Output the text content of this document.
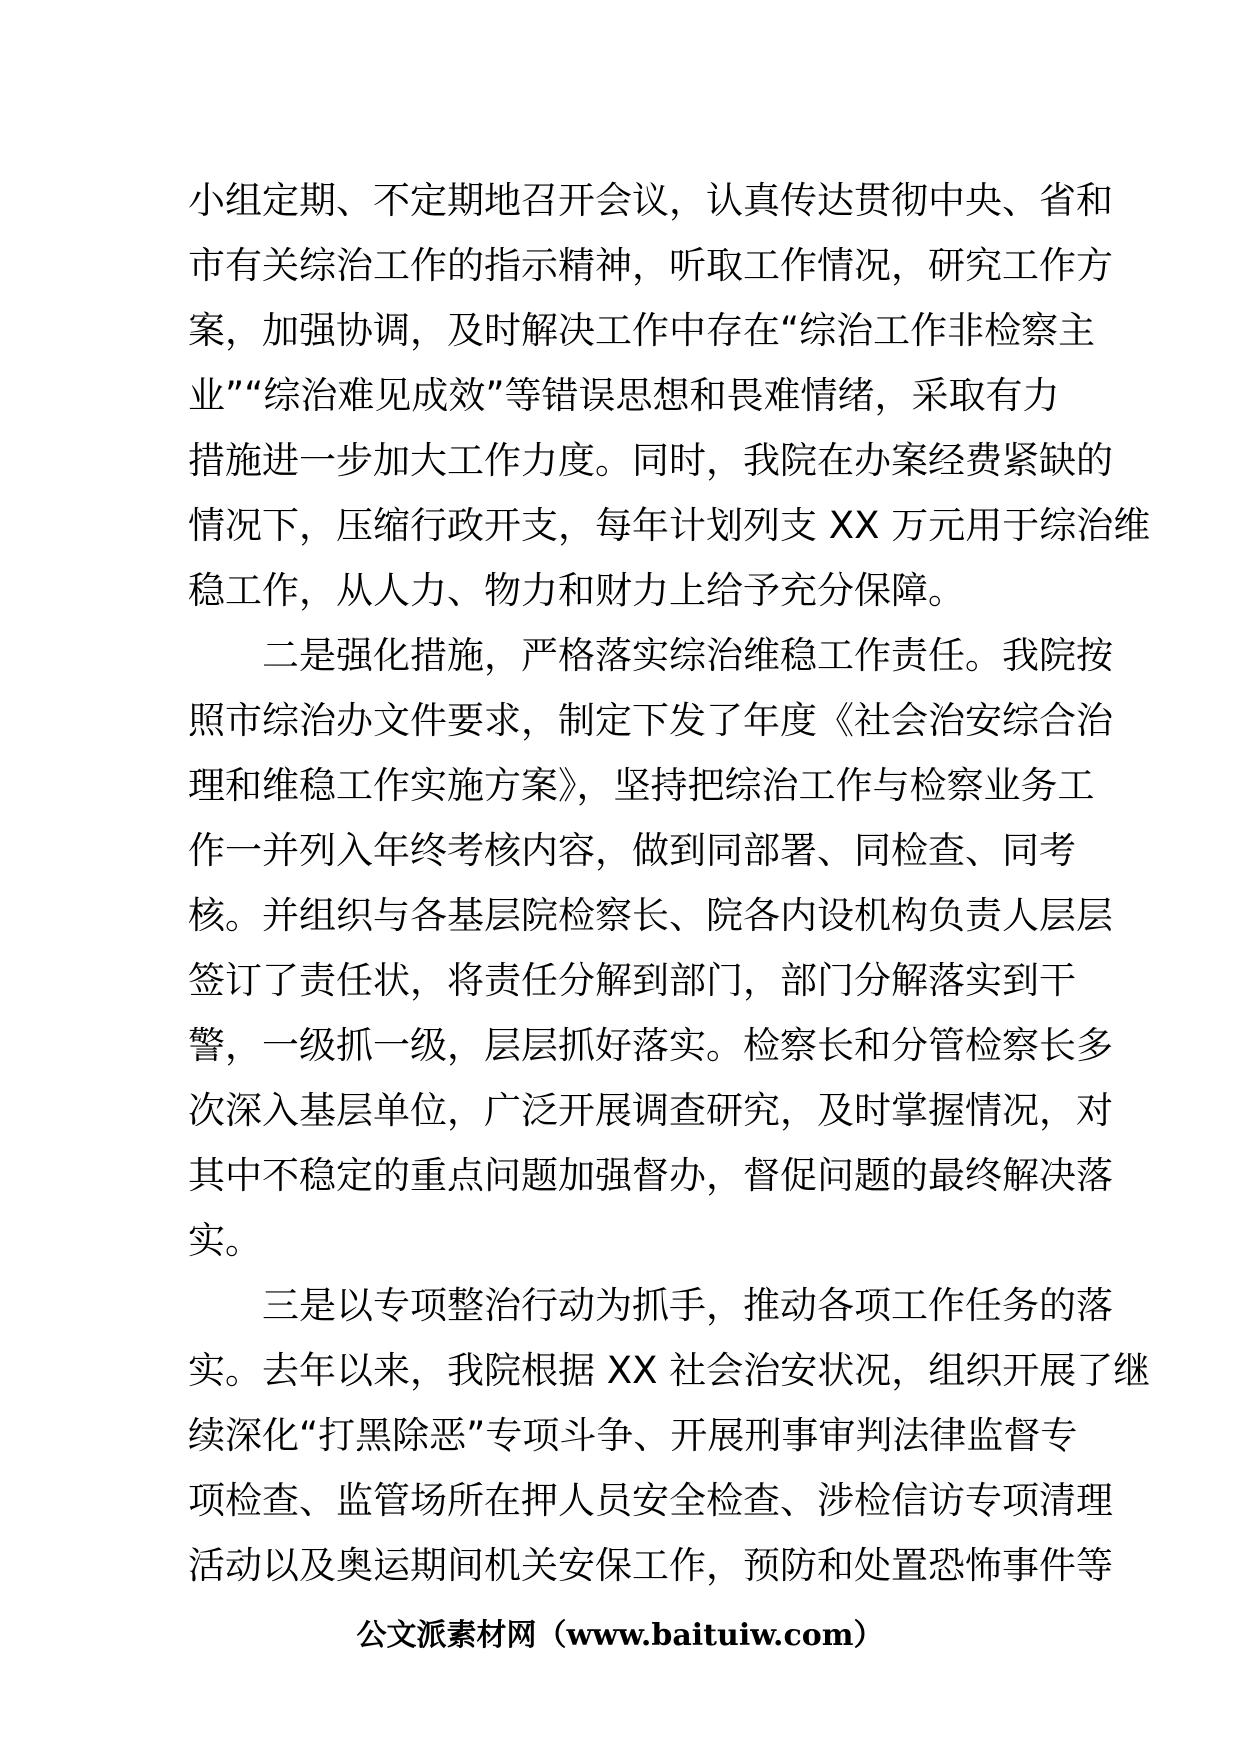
小组定期、不定期地召开会议，认真传达贯彻中央、省和
市有关综治工作的指示精神，听取工作情况，研究工作方
案，加强协调，及时解决工作中存在“综治工作非检察主
业”“综治难见成效”等错误思想和畏难情绪，采取有力
措施进一步加大工作力度。同时，我院在办案经费紧缺的
情况下，压缩行政开支，每年计划列支 XX 万元用于综治维
稳工作，从人力、物力和财力上给予充分保障。
二是强化措施，严格落实综治维稳工作责任。我院按
照市综治办文件要求，制定下发了年度《社会治安综合治
理和维稳工作实施方案》，坚持把综治工作与检察业务工
作一并列入年终考核内容，做到同部署、同检查、同考
核。并组织与各基层院检察长、院各内设机构负责人层层
签订了责任状，将责任分解到部门，部门分解落实到干
警，一级抓一级，层层抓好落实。检察长和分管检察长多
次深入基层单位，广泛开展调查研究，及时掌握情况，对
其中不稳定的重点问题加强督办，督促问题的最终解决落
实。
三是以专项整治行动为抓手，推动各项工作任务的落
实。去年以来，我院根据 XX 社会治安状况，组织开展了继
续深化“打黑除恶”专项斗争、开展刑事审判法律监督专
项检查、监管场所在押人员安全检查、涉检信访专项清理
活动以及奥运期间机关安保工作，预防和处置恐怖事件等
公文派素材网（www.baituiw.com）
